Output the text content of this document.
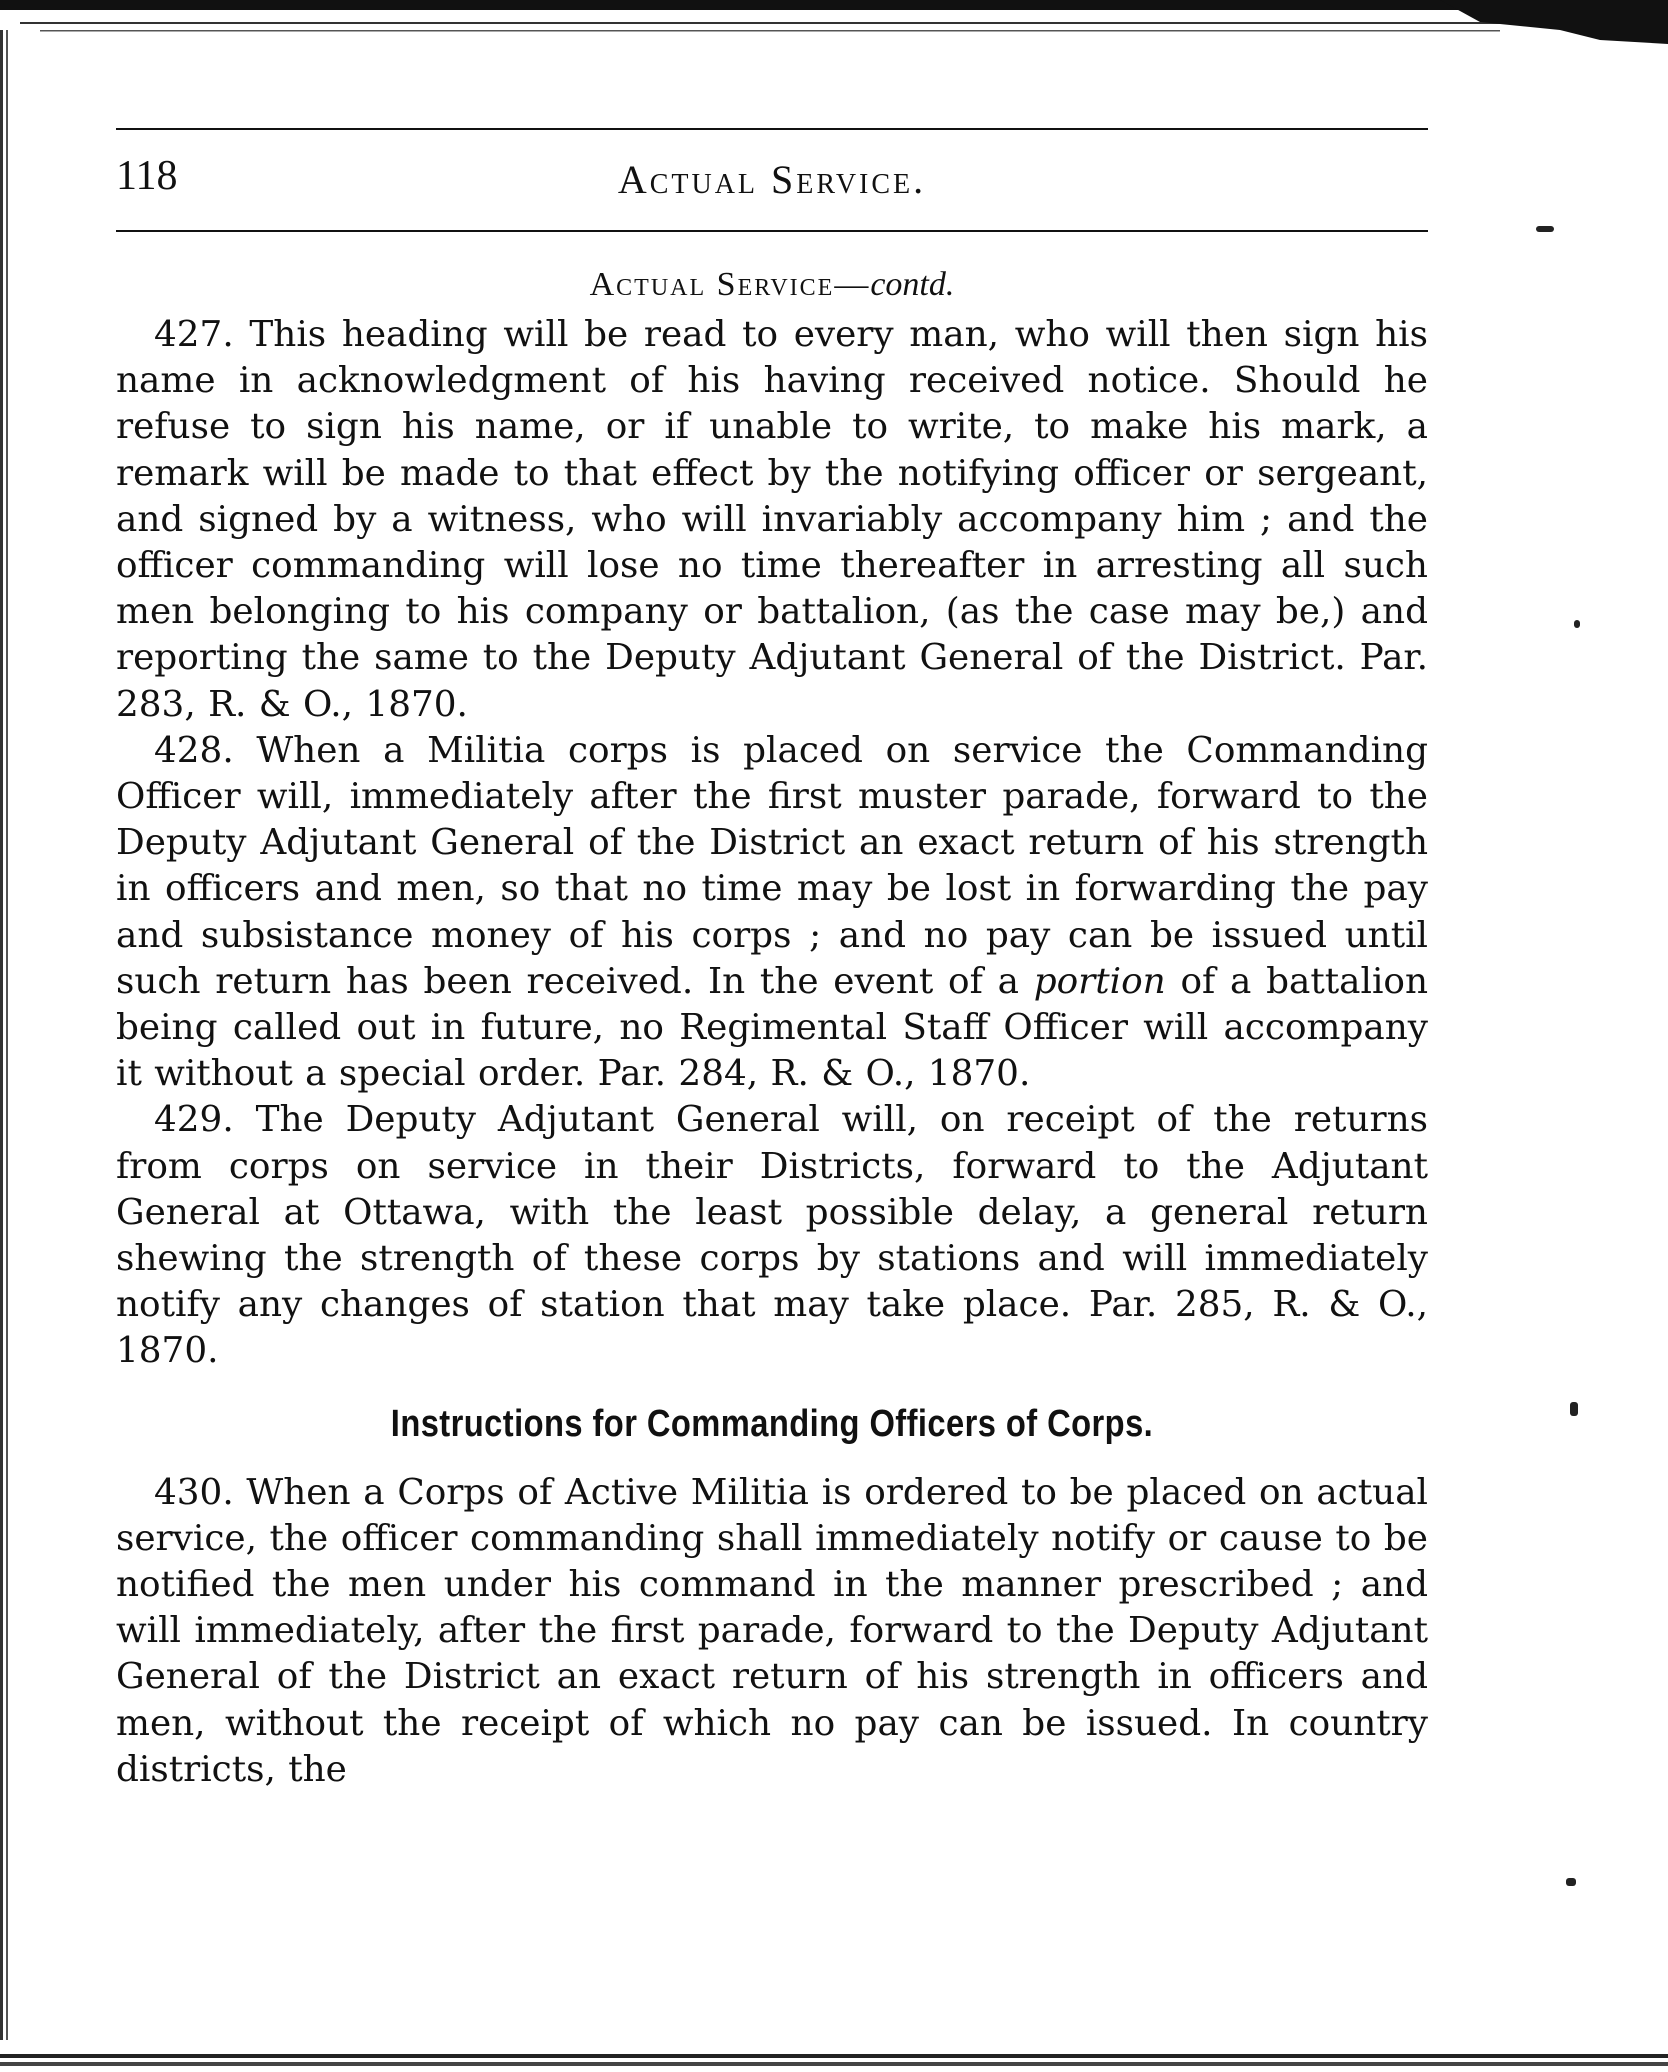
118	Actual Service.
Actual Service—contd.

427. This heading will be read to every man, who will then sign his name in acknowledgment of his having received notice. Should he refuse to sign his name, or if unable to write, to make his mark, a remark will be made to that effect by the notifying officer or sergeant, and signed by a witness, who will invariably accompany him ; and the officer commanding will lose no time thereafter in arresting all such men belonging to his company or battalion, (as the case may be,) and reporting the same to the Deputy Adjutant General of the District. Par. 283, R. & O., 1870.

428. When a Militia corps is placed on service the Commanding Officer will, immediately after the first muster parade, forward to the Deputy Adjutant General of the District an exact return of his strength in officers and men, so that no time may be lost in forwarding the pay and subsistance money of his corps ; and no pay can be issued until such return has been received. In the event of a portion of a battalion being called out in future, no Regimental Staff Officer will accompany it without a special order. Par. 284, R. & O., 1870.

429. The Deputy Adjutant General will, on receipt of the returns from corps on service in their Districts, forward to the Adjutant General at Ottawa, with the least possible delay, a general return shewing the strength of these corps by stations and will immediately notify any changes of station that may take place. Par. 285, R. & O., 1870.

Instructions for Commanding Officers of Corps.

430. When a Corps of Active Militia is ordered to be placed on actual service, the officer commanding shall immediately notify or cause to be notified the men under his command in the manner prescribed ; and will immediately, after the first parade, forward to the Deputy Adjutant General of the District an exact return of his strength in officers and men, without the receipt of which no pay can be issued. In country districts, the
